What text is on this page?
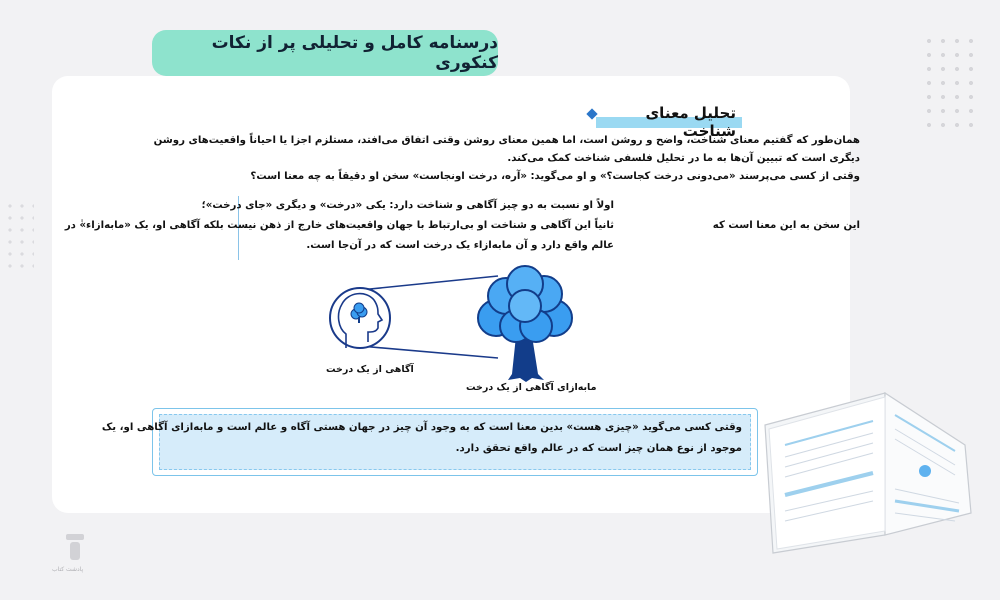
درسنامه کامل و تحلیلی پر از نکات کنکوری
تحلیل معنای شناخت
همان‌طور که گفتیم معنای شناخت، واضح و روشن است، اما همین معنای روشن وقتی اتفاق می‌افتد، مستلزم اجزا یا احیاناً واقعیت‌های روشن
دیگری است که تبیین آن‌ها به ما در تحلیل فلسفی شناخت کمک می‌کند.
وقتی از کسی می‌پرسند «می‌دونی درخت کجاست؟» و او می‌گوید: «آره، درخت اونجاست» سخن او دقیقاً به چه معنا است؟
این سخن به این معنا است که
اولاً او نسبت به دو چیز آگاهی و شناخت دارد: یکی «درخت» و دیگری «جای درخت»؛
ثانیاً این آگاهی و شناخت او بی‌ارتباط با جهان واقعیت‌های خارج از ذهن نیست بلکه آگاهی او، یک «مابه‌ازاء»ٰ در
عالم واقع دارد و آن مابه‌ازاء یک درخت است که در آن‌جا است.
آگاهی از یک درخت
مابه‌ازای آگاهی از یک درخت
وقتی کسی می‌گوید «چیزی هست» بدین معنا است که به وجود آن چیز در جهان هستی آگاه و عالم است و مابه‌ازای آگاهی او، یک
موجود از نوع همان چیز است که در عالم واقع تحقق دارد.
پادشت کتاب
